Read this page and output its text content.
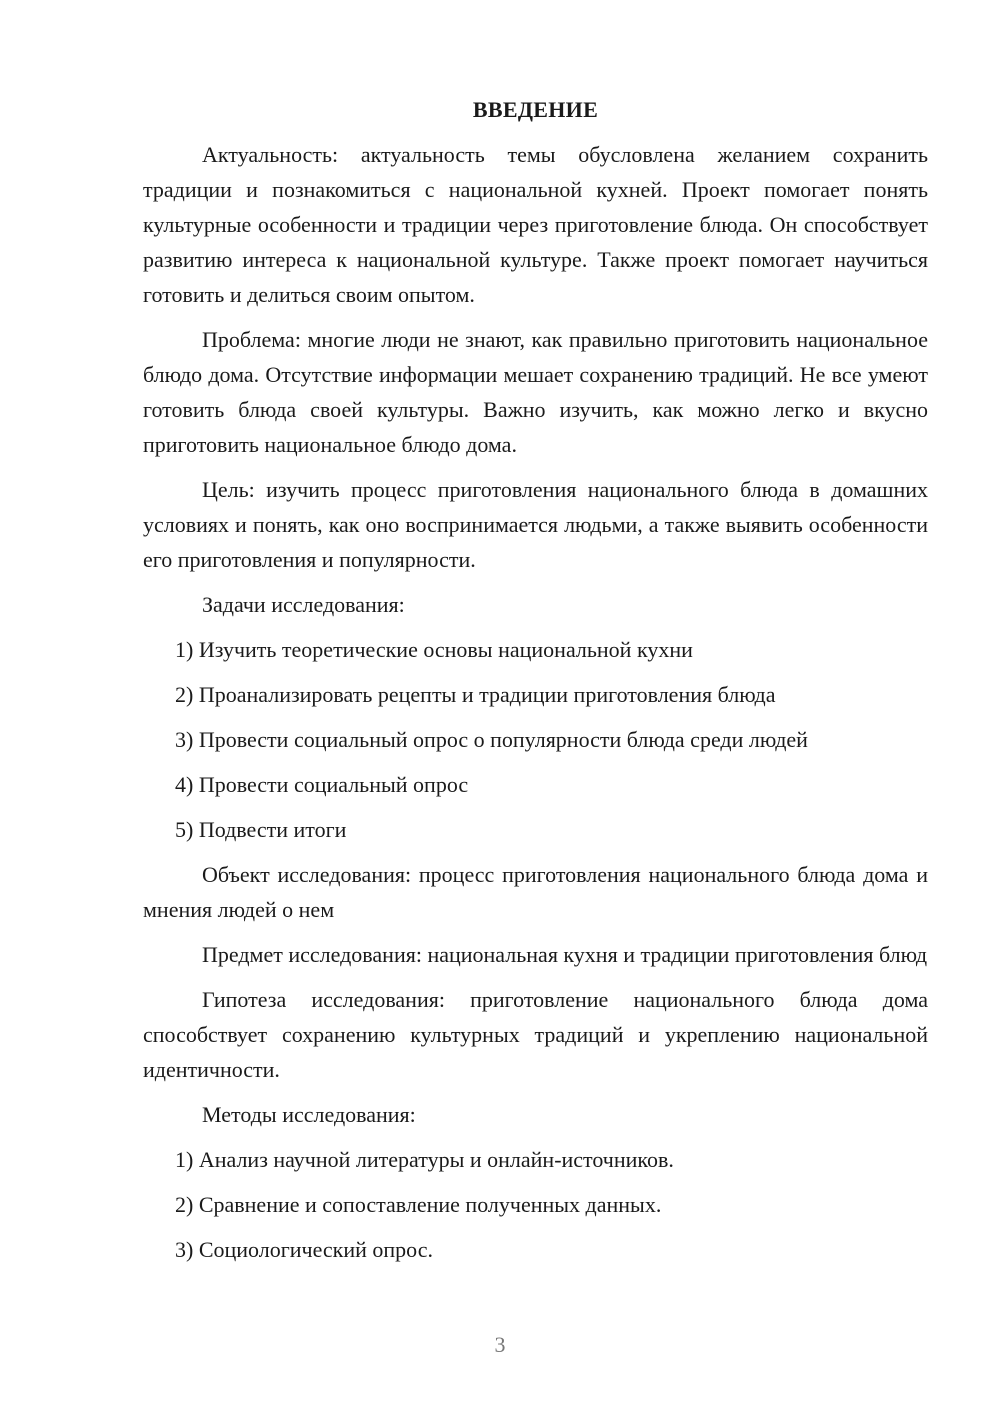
ВВЕДЕНИЕ

Актуальность: актуальность темы обусловлена желанием сохранить традиции и познакомиться с национальной кухней. Проект помогает понять культурные особенности и традиции через приготовление блюда. Он способствует развитию интереса к национальной культуре. Также проект помогает научиться готовить и делиться своим опытом.

Проблема: многие люди не знают, как правильно приготовить национальное блюдо дома. Отсутствие информации мешает сохранению традиций. Не все умеют готовить блюда своей культуры. Важно изучить, как можно легко и вкусно приготовить национальное блюдо дома.

Цель: изучить процесс приготовления национального блюда в домашних условиях и понять, как оно воспринимается людьми, а также выявить особенности его приготовления и популярности.

Задачи исследования:

1) Изучить теоретические основы национальной кухни

2) Проанализировать рецепты и традиции приготовления блюда

3) Провести социальный опрос о популярности блюда среди людей

4) Провести социальный опрос

5) Подвести итоги

Объект исследования: процесс приготовления национального блюда дома и мнения людей о нем

Предмет исследования: национальная кухня и традиции приготовления блюд

Гипотеза исследования: приготовление национального блюда дома способствует сохранению культурных традиций и укреплению национальной идентичности.

Методы исследования:

1) Анализ научной литературы и онлайн-источников.

2) Сравнение и сопоставление полученных данных.

3) Социологический опрос.

3
